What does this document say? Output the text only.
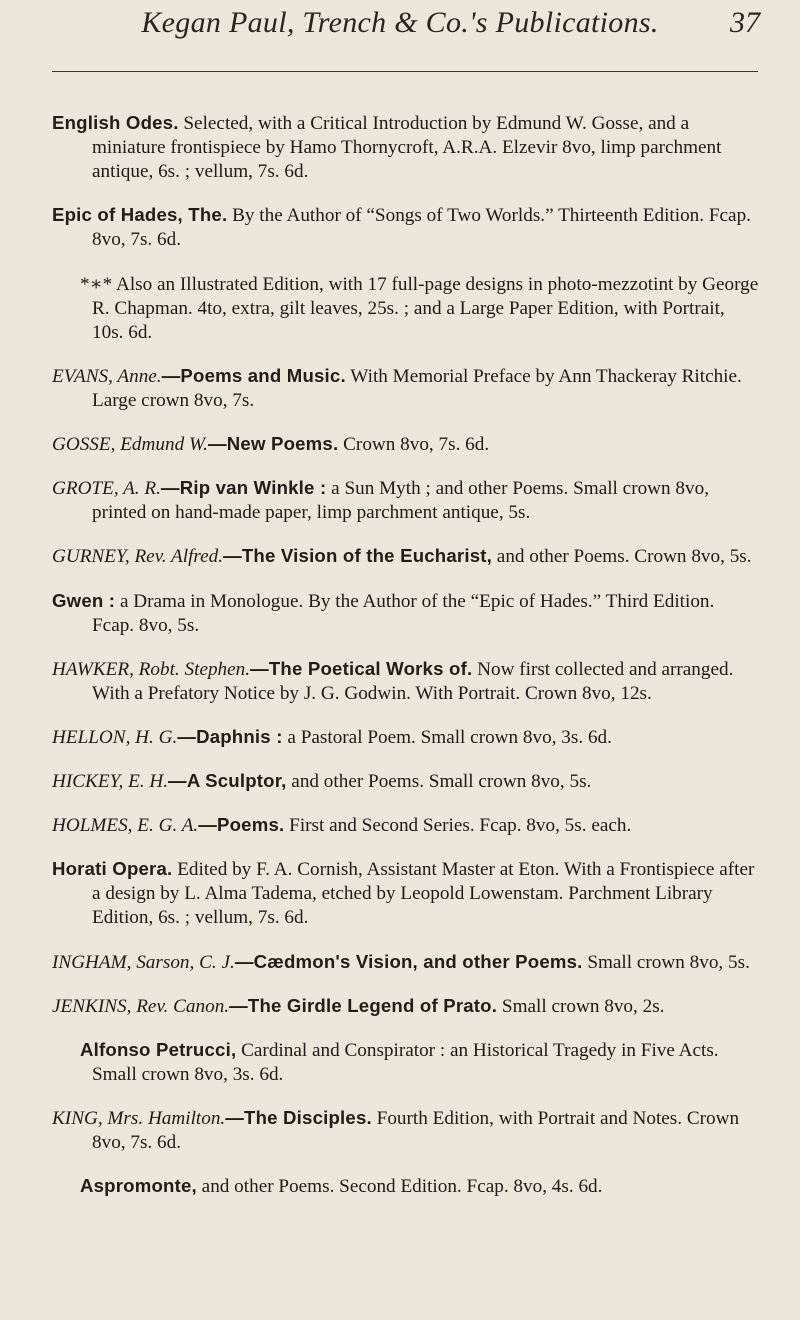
Kegan Paul, Trench & Co.'s Publications.	37

English Odes. Selected, with a Critical Introduction by Edmund W. Gosse, and a miniature frontispiece by Hamo Thornycroft, A.R.A. Elzevir 8vo, limp parchment antique, 6s. ; vellum, 7s. 6d.

Epic of Hades, The. By the Author of “Songs of Two Worlds.” Thirteenth Edition. Fcap. 8vo, 7s. 6d.

*∗* Also an Illustrated Edition, with 17 full-page designs in photo-mezzotint by George R. Chapman. 4to, extra, gilt leaves, 25s. ; and a Large Paper Edition, with Portrait, 10s. 6d.

EVANS, Anne.—Poems and Music. With Memorial Preface by Ann Thackeray Ritchie. Large crown 8vo, 7s.

GOSSE, Edmund W.—New Poems. Crown 8vo, 7s. 6d.

GROTE, A. R.—Rip van Winkle : a Sun Myth ; and other Poems. Small crown 8vo, printed on hand-made paper, limp parchment antique, 5s.

GURNEY, Rev. Alfred.—The Vision of the Eucharist, and other Poems. Crown 8vo, 5s.

Gwen : a Drama in Monologue. By the Author of the “Epic of Hades.” Third Edition. Fcap. 8vo, 5s.

HAWKER, Robt. Stephen.—The Poetical Works of. Now first collected and arranged. With a Prefatory Notice by J. G. Godwin. With Portrait. Crown 8vo, 12s.

HELLON, H. G.—Daphnis : a Pastoral Poem. Small crown 8vo, 3s. 6d.

HICKEY, E. H.—A Sculptor, and other Poems. Small crown 8vo, 5s.

HOLMES, E. G. A.—Poems. First and Second Series. Fcap. 8vo, 5s. each.

Horati Opera. Edited by F. A. Cornish, Assistant Master at Eton. With a Frontispiece after a design by L. Alma Tadema, etched by Leopold Lowenstam. Parchment Library Edition, 6s. ; vellum, 7s. 6d.

INGHAM, Sarson, C. J.—Cædmon's Vision, and other Poems. Small crown 8vo, 5s.

JENKINS, Rev. Canon.—The Girdle Legend of Prato. Small crown 8vo, 2s.

Alfonso Petrucci, Cardinal and Conspirator : an Historical Tragedy in Five Acts. Small crown 8vo, 3s. 6d.

KING, Mrs. Hamilton.—The Disciples. Fourth Edition, with Portrait and Notes. Crown 8vo, 7s. 6d.

Aspromonte, and other Poems. Second Edition. Fcap. 8vo, 4s. 6d.
